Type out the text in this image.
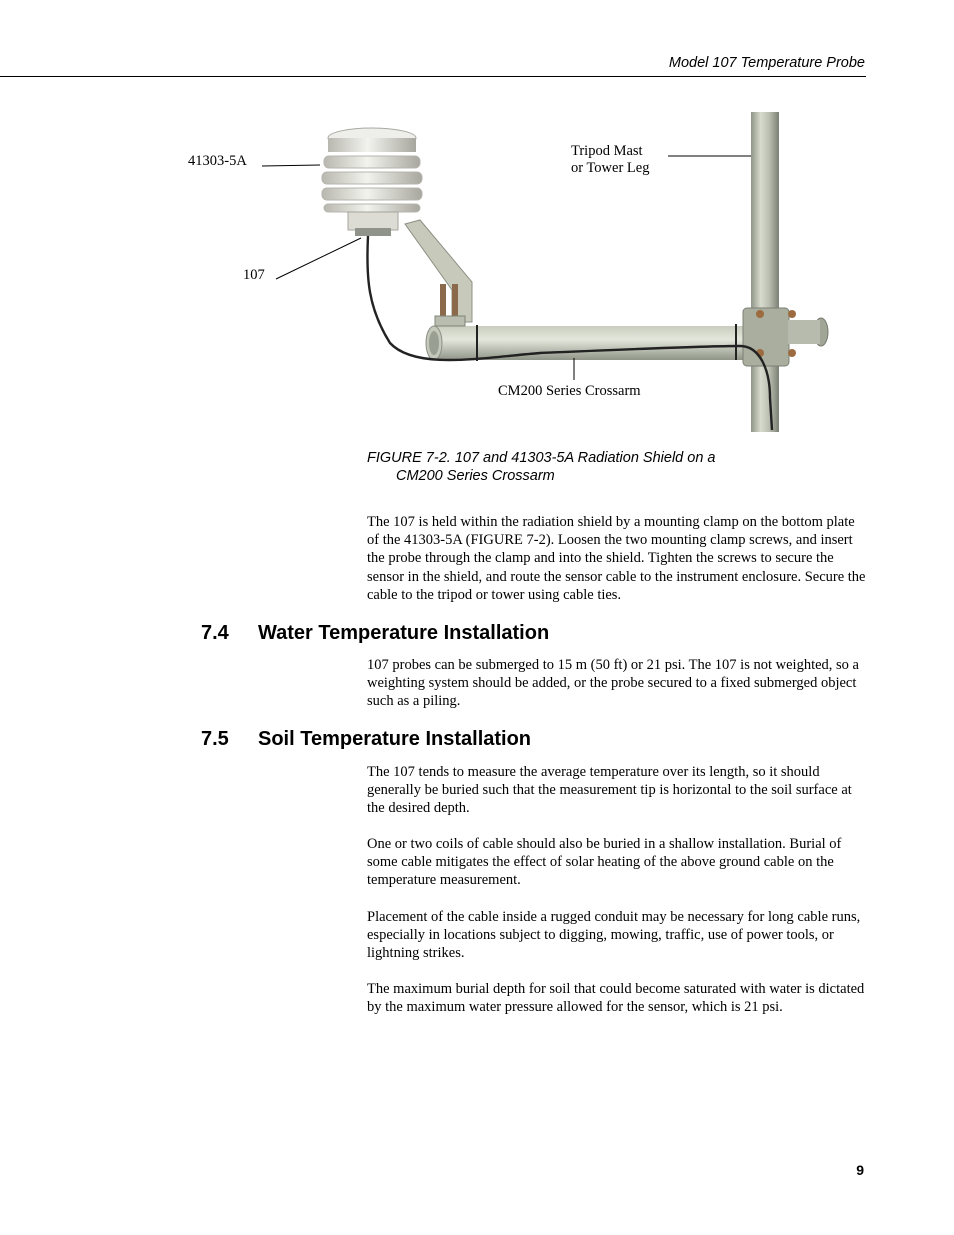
Model 107 Temperature Probe
41303-5A
107
Tripod Mast
or Tower Leg
CM200 Series Crossarm
FIGURE 7-2. 107 and 41303-5A Radiation Shield on a
CM200 Series Crossarm

The 107 is held within the radiation shield by a mounting clamp on the bottom plate of the 41303-5A (FIGURE 7-2). Loosen the two mounting clamp screws, and insert the probe through the clamp and into the shield. Tighten the screws to secure the sensor in the shield, and route the sensor cable to the instrument enclosure. Secure the cable to the tripod or tower using cable ties.

7.4 Water Temperature Installation

107 probes can be submerged to 15 m (50 ft) or 21 psi. The 107 is not weighted, so a weighting system should be added, or the probe secured to a fixed submerged object such as a piling.

7.5 Soil Temperature Installation

The 107 tends to measure the average temperature over its length, so it should generally be buried such that the measurement tip is horizontal to the soil surface at the desired depth.

One or two coils of cable should also be buried in a shallow installation. Burial of some cable mitigates the effect of solar heating of the above ground cable on the temperature measurement.

Placement of the cable inside a rugged conduit may be necessary for long cable runs, especially in locations subject to digging, mowing, traffic, use of power tools, or lightning strikes.

The maximum burial depth for soil that could become saturated with water is dictated by the maximum water pressure allowed for the sensor, which is 21 psi.

9
